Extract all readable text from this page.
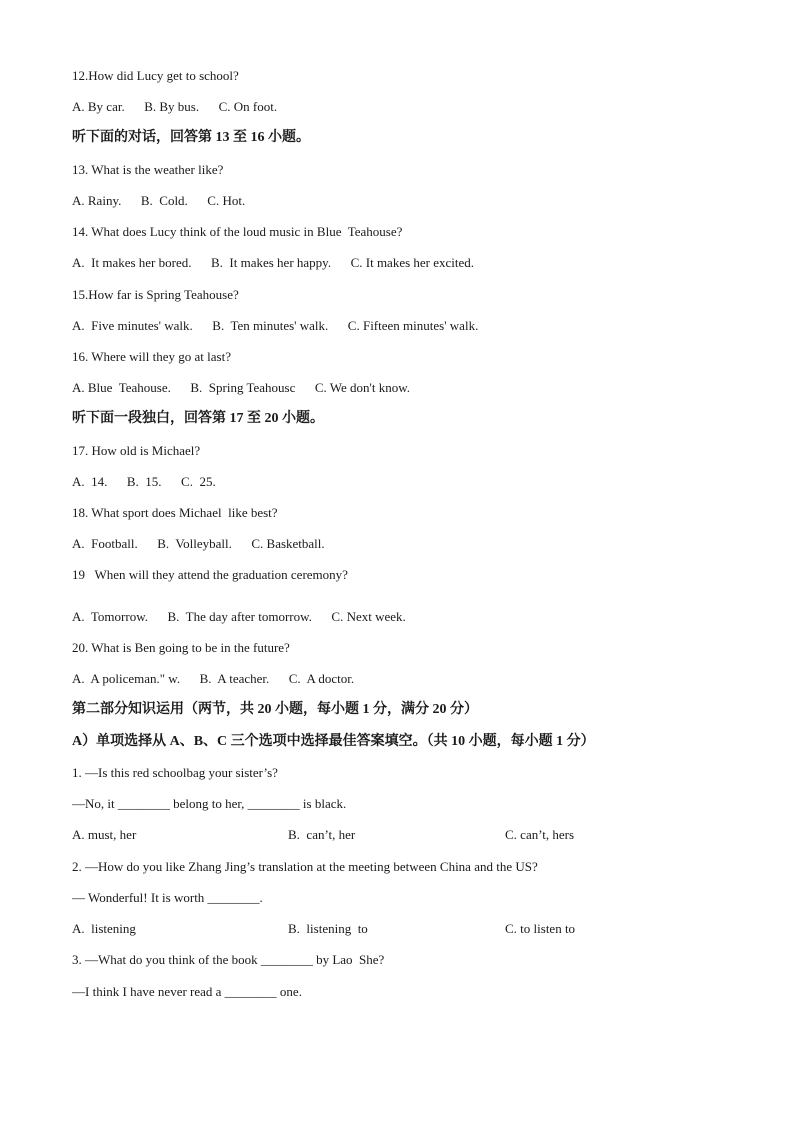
12.How did Lucy get to school?
A. By car.      B. By bus.      C. On foot.
听下面的对话，回答第 13 至 16 小题。
13. What is the weather like?
A. Rainy.      B.  Cold.      C. Hot.
14. What does Lucy think of the loud music in Blue  Teahouse?
A.  It makes her bored.      B.  It makes her happy.      C. It makes her excited.
15.How far is Spring Teahouse?
A.  Five minutes' walk.      B.  Ten minutes' walk.      C. Fifteen minutes' walk.
16. Where will they go at last?
A. Blue  Teahouse.      B.  Spring Teahousc      C. We don't know.
听下面一段独白，回答第 17 至 20 小题。
17. How old is Michael?
A.  14.      B.  15.      C.  25.
18. What sport does Michael  like best?
A.  Football.      B.  Volleyball.      C. Basketball.
19   When will they attend the graduation ceremony?
A.  Tomorrow.      B.  The day after tomorrow.      C. Next week.
20. What is Ben going to be in the future?
A.  A policeman." w.      B.  A teacher.      C.  A doctor.
第二部分知识运用（两节，共 20 小题，每小题 1 分，满分 20 分）
A）单项选择从 A、B、C 三个选项中选择最佳答案填空。（共 10 小题，每小题 1 分）
1. —Is this red schoolbag your sister’s?
—No, it ________ belong to her, ________ is black.
A. must, her	B.  can’t, her	C. can’t, hers
2. —How do you like Zhang Jing’s translation at the meeting between China and the US?
— Wonderful! It is worth ________.
A.  listening	B.  listening  to	C. to listen to
3. —What do you think of the book ________ by Lao  She?
—I think I have never read a ________ one.
